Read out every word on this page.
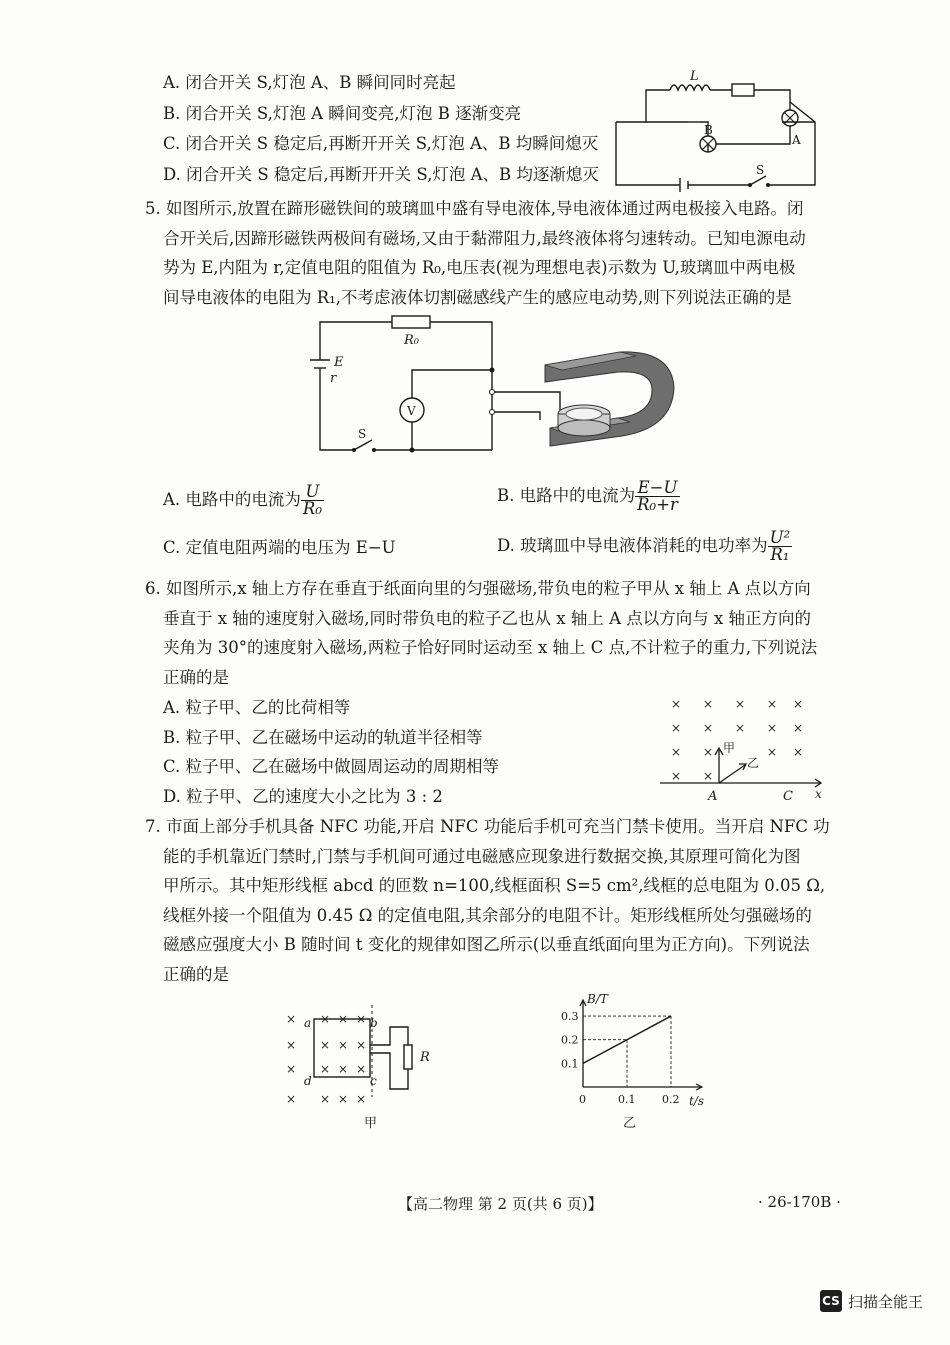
A. 闭合开关 S,灯泡 A、B 瞬间同时亮起
B. 闭合开关 S,灯泡 A 瞬间变亮,灯泡 B 逐渐变亮
C. 闭合开关 S 稳定后,再断开开关 S,灯泡 A、B 均瞬间熄灭
D. 闭合开关 S 稳定后,再断开开关 S,灯泡 A、B 均逐渐熄灭
L
B
A
S
5. 如图所示,放置在蹄形磁铁间的玻璃皿中盛有导电液体,导电液体通过两电极接入电路。闭
合开关后,因蹄形磁铁两极间有磁场,又由于黏滞阻力,最终液体将匀速转动。已知电源电动
势为 E,内阻为 r,定值电阻的阻值为 R₀,电压表(视为理想电表)示数为 U,玻璃皿中两电极
间导电液体的电阻为 R₁,不考虑液体切割磁感线产生的感应电动势,则下列说法正确的是
E
r
R₀
V
S
A. 电路中的电流为 $\frac{U}{\text{R₀}}$	B. 电路中的电流为 $\frac{E-U}{\text{R₀+r}}$
C. 定值电阻两端的电压为 E−U	D. 玻璃皿中导电液体消耗的电功率为 $\frac{\text{U²}}{\text{R₁}}$
6. 如图所示,x 轴上方存在垂直于纸面向里的匀强磁场,带负电的粒子甲从 x 轴上 A 点以方向
垂直于 x 轴的速度射入磁场,同时带负电的粒子乙也从 x 轴上 A 点以方向与 x 轴正方向的
夹角为 30°的速度射入磁场,两粒子恰好同时运动至 x 轴上 C 点,不计粒子的重力,下列说法
正确的是
A. 粒子甲、乙的比荷相等
B. 粒子甲、乙在磁场中运动的轨道半径相等
C. 粒子甲、乙在磁场中做圆周运动的周期相等
D. 粒子甲、乙的速度大小之比为 3 : 2
× × × × ×
× × × × ×
× ×	× ×
× ×
A	C x
甲
乙
7. 市面上部分手机具备 NFC 功能,开启 NFC 功能后手机可充当门禁卡使用。当开启 NFC 功
能的手机靠近门禁时,门禁与手机间可通过电磁感应现象进行数据交换,其原理可简化为图
甲所示。其中矩形线框 abcd 的匝数 n=100,线框面积 S=5 cm²,线框的总电阻为 0.05 Ω,
线框外接一个阻值为 0.45 Ω 的定值电阻,其余部分的电阻不计。矩形线框所处匀强磁场的
磁感应强度大小 B 随时间 t 变化的规律如图乙所示(以垂直纸面向里为正方向)。下列说法
正确的是
× × × ×
× × × ×
× × × ×
× × × ×
a	b
c
d
R
甲
0.1
0.2
0.3
0	0.1 0.2
B/T
t/s
乙
【高二物理 第 2 页(共 6 页)】	· 26-170B ·
CS 扫描全能王
